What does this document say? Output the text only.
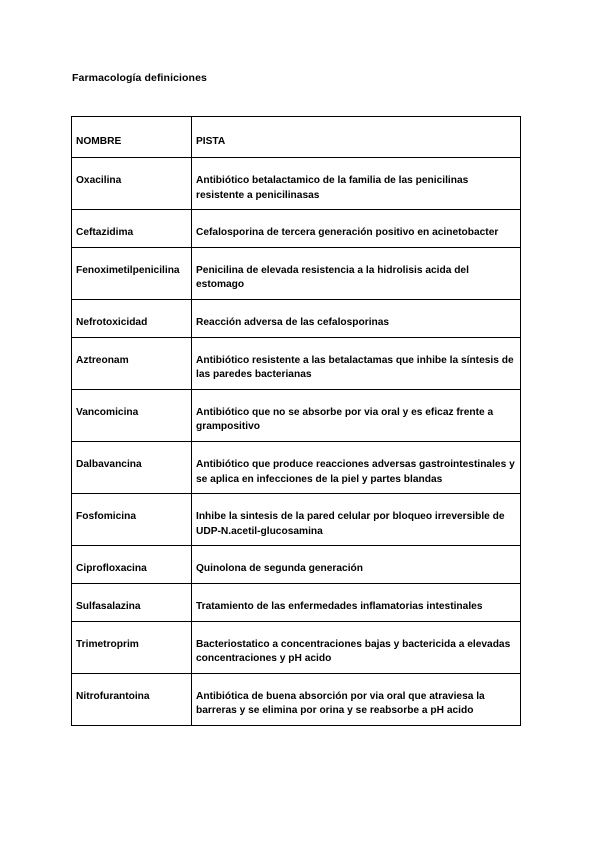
Farmacología definiciones
NOMBRE	PISTA
Oxacilina	Antibiótico betalactamico de la familia de las penicilinas resistente a penicilinasas
Ceftazidima	Cefalosporina de tercera generación positivo en acinetobacter
Fenoximetilpenicilina	Penicilina de elevada resistencia a la hidrolisis acida del estomago
Nefrotoxicidad	Reacción adversa de las cefalosporinas
Aztreonam	Antibiótico resistente a las betalactamas que inhibe la síntesis de las paredes bacterianas
Vancomicina	Antibiótico que no se absorbe por via oral y es eficaz frente a grampositivo
Dalbavancina	Antibiótico que produce reacciones adversas gastrointestinales y se aplica en infecciones de la piel y partes blandas
Fosfomicina	Inhibe la sintesis de la pared celular por bloqueo irreversible de UDP-N.acetil-glucosamina
Ciprofloxacina	Quinolona de segunda generación
Sulfasalazina	Tratamiento de las enfermedades inflamatorias intestinales
Trimetroprim	Bacteriostatico a concentraciones bajas y bactericida a elevadas concentraciones y pH acido
Nitrofurantoina	Antibiótica de buena absorción por via oral que atraviesa la barreras y se elimina por orina y se reabsorbe a pH acido
